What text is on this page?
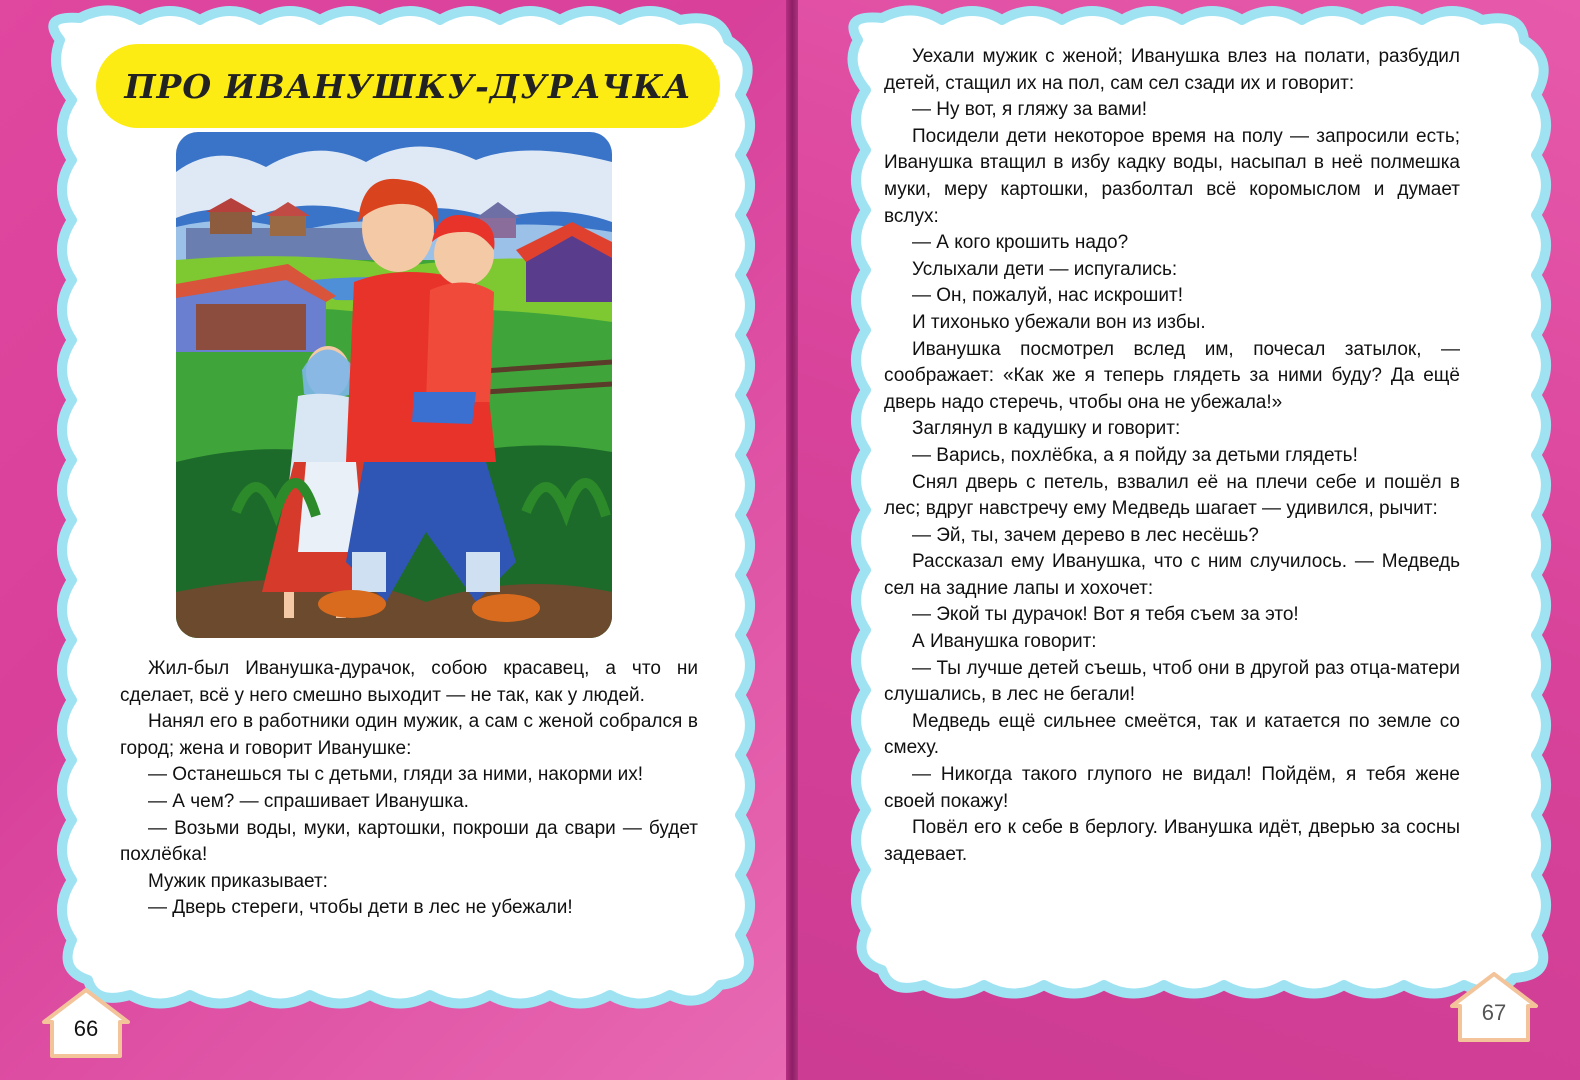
ПРО ИВАНУШКУ-ДУРАЧКА

Жил-был Иванушка-дурачок, собою красавец, а что ни сделает, всё у него смешно выходит — не так, как у людей.

Нанял его в работники один мужик, а сам с женой собрался в город; жена и говорит Иванушке:

— Останешься ты с детьми, гляди за ними, накорми их!

— А чем? — спрашивает Иванушка.

— Возьми воды, муки, картошки, покроши да свари — будет похлёбка!

Мужик приказывает:

— Дверь стереги, чтобы дети в лес не убежали!

66
67

Уехали мужик с женой; Иванушка влез на полати, разбудил детей, стащил их на пол, сам сел сзади их и говорит:

— Ну вот, я гляжу за вами!

Посидели дети некоторое время на полу — запросили есть; Иванушка втащил в избу кадку воды, насыпал в неё полмешка муки, меру картошки, разболтал всё коромыслом и думает вслух:

— А кого крошить надо?

Услыхали дети — испугались:

— Он, пожалуй, нас искрошит!

И тихонько убежали вон из избы.

Иванушка посмотрел вслед им, почесал затылок, — соображает: «Как же я теперь глядеть за ними буду? Да ещё дверь надо стеречь, чтобы она не убежала!»

Заглянул в кадушку и говорит:

— Варись, похлёбка, а я пойду за детьми глядеть!

Снял дверь с петель, взвалил её на плечи себе и пошёл в лес; вдруг навстречу ему Медведь шагает — удивился, рычит:

— Эй, ты, зачем дерево в лес несёшь?

Рассказал ему Иванушка, что с ним случилось. — Медведь сел на задние лапы и хохочет:

— Экой ты дурачок! Вот я тебя съем за это!

А Иванушка говорит:

— Ты лучше детей съешь, чтоб они в другой раз отца-матери слушались, в лес не бегали!

Медведь ещё сильнее смеётся, так и катается по земле со смеху.

— Никогда такого глупого не видал! Пойдём, я тебя жене своей покажу!

Повёл его к себе в берлогу. Иванушка идёт, дверью за сосны задевает.
